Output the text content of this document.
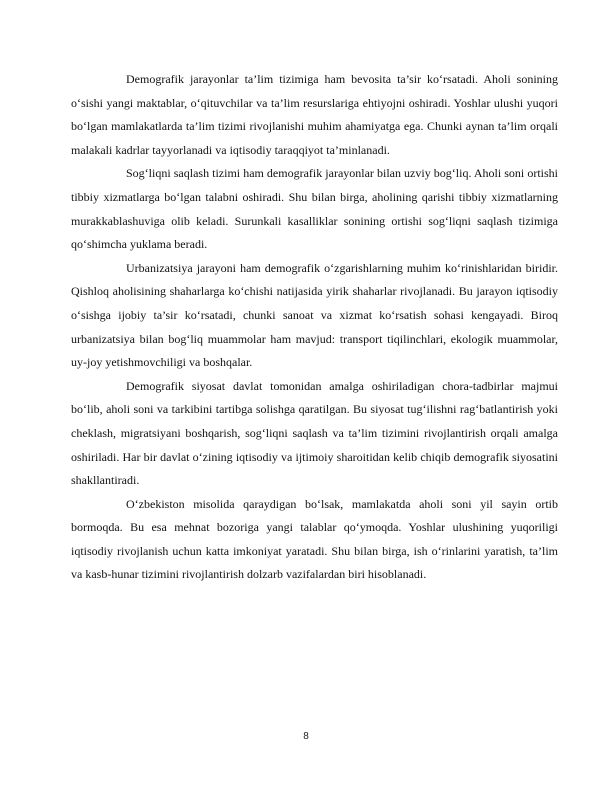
Demografik jarayonlar ta’lim tizimiga ham bevosita ta’sir ko‘rsatadi. Aholi sonining o‘sishi yangi maktablar, o‘qituvchilar va ta’lim resurslariga ehtiyojni oshiradi. Yoshlar ulushi yuqori bo‘lgan mamlakatlarda ta’lim tizimi rivojlanishi muhim ahamiyatga ega. Chunki aynan ta’lim orqali malakali kadrlar tayyorlanadi va iqtisodiy taraqqiyot ta’minlanadi.

Sog‘liqni saqlash tizimi ham demografik jarayonlar bilan uzviy bog‘liq. Aholi soni ortishi tibbiy xizmatlarga bo‘lgan talabni oshiradi. Shu bilan birga, aholining qarishi tibbiy xizmatlarning murakkablashuviga olib keladi. Surunkali kasalliklar sonining ortishi sog‘liqni saqlash tizimiga qo‘shimcha yuklama beradi.

Urbanizatsiya jarayoni ham demografik o‘zgarishlarning muhim ko‘rinishlaridan biridir. Qishloq aholisining shaharlarga ko‘chishi natijasida yirik shaharlar rivojlanadi. Bu jarayon iqtisodiy o‘sishga ijobiy ta’sir ko‘rsatadi, chunki sanoat va xizmat ko‘rsatish sohasi kengayadi. Biroq urbanizatsiya bilan bog‘liq muammolar ham mavjud: transport tiqilinchlari, ekologik muammolar, uy-joy yetishmovchiligi va boshqalar.

Demografik siyosat davlat tomonidan amalga oshiriladigan chora-tadbirlar majmui bo‘lib, aholi soni va tarkibini tartibga solishga qaratilgan. Bu siyosat tug‘ilishni rag‘batlantirish yoki cheklash, migratsiyani boshqarish, sog‘liqni saqlash va ta’lim tizimini rivojlantirish orqali amalga oshiriladi. Har bir davlat o‘zining iqtisodiy va ijtimoiy sharoitidan kelib chiqib demografik siyosatini shakllantiradi.

O‘zbekiston misolida qaraydigan bo‘lsak, mamlakatda aholi soni yil sayin ortib bormoqda. Bu esa mehnat bozoriga yangi talablar qo‘ymoqda. Yoshlar ulushining yuqoriligi iqtisodiy rivojlanish uchun katta imkoniyat yaratadi. Shu bilan birga, ish o‘rinlarini yaratish, ta’lim va kasb-hunar tizimini rivojlantirish dolzarb vazifalardan biri hisoblanadi.

8
